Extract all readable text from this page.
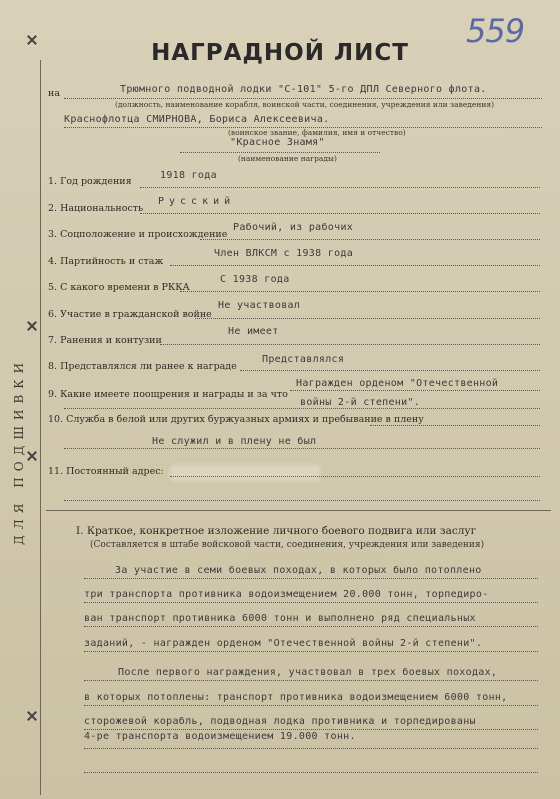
559
НАГРАДНОЙ ЛИСТ
ДЛЯ ПОДШИВКИ
на	Трюмного подводной лодки "С-101" 5-го ДПЛ Северного флота.
(должность, наименование корабля, воинской части, соединения, учреждения или заведения)
Краснофлотца СМИРНОВА, Бориса Алексеевича.
(воинское звание, фамилия, имя и отчество)
"Красное Знамя"
(наименование награды)
1. Год рождения
1918 года
2. Национальность
Русский
3. Соцположение и происхождение
Рабочий, из рабочих
4. Партийность и стаж
Член ВЛКСМ с 1938 года
5. С какого времени в РККА
С 1938 года
6. Участие в гражданской войне
Не участвовал
7. Ранения и контузии
Не имеет
8. Представлялся ли ранее к награде
Представлялся
9. Какие имеете поощрения и награды и за что
Награжден орденом "Отечественной
войны 2-й степени".
10. Служба в белой или других буржуазных армиях и пребывание в плену
Не служил и в плену не был
11. Постоянный адрес:
I. Краткое, конкретное изложение личного боевого подвига или заслуг
(Составляется в штабе войсковой части, соединения, учреждения или заведения)
За участие в семи боевых походах, в которых было потоплено
три транспорта противника водоизмещением 20.000 тонн, торпедиро-
ван транспорт противника 6000 тонн и выполнено ряд специальных
заданий, - награжден орденом "Отечественной войны 2-й степени".
После первого награждения, участвовал в трех боевых походах,
в которых потоплены: транспорт противника водоизмещением 6000 тонн,
сторожевой корабль, подводная лодка противника и торпедированы
4-ре транспорта водоизмещением 19.000 тонн.
